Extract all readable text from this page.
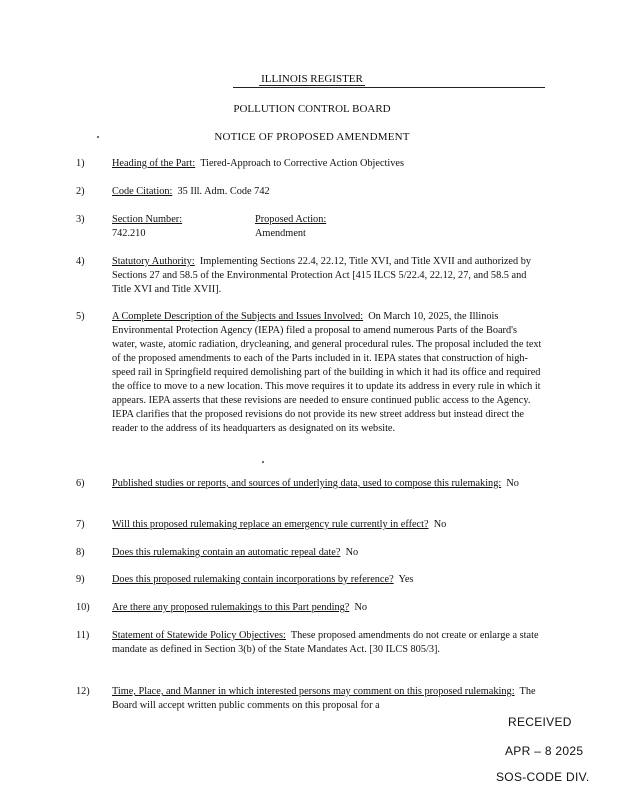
ILLINOIS REGISTER
POLLUTION CONTROL BOARD
NOTICE OF PROPOSED AMENDMENT
1)	Heading of the Part: Tiered-Approach to Corrective Action Objectives
2)	Code Citation: 35 Ill. Adm. Code 742
3)	Section Number:
742.210
Proposed Action:
Amendment
4)	Statutory Authority: Implementing Sections 22.4, 22.12, Title XVI, and Title XVII and authorized by Sections 27 and 58.5 of the Environmental Protection Act [415 ILCS 5/22.4, 22.12, 27, and 58.5 and Title XVI and Title XVII].
5)	A Complete Description of the Subjects and Issues Involved: On March 10, 2025, the Illinois Environmental Protection Agency (IEPA) filed a proposal to amend numerous Parts of the Board's water, waste, atomic radiation, drycleaning, and general procedural rules. The proposal included the text of the proposed amendments to each of the Parts included in it. IEPA states that construction of high-speed rail in Springfield required demolishing part of the building in which it had its office and required the office to move to a new location. This move requires it to update its address in every rule in which it appears. IEPA asserts that these revisions are needed to ensure continued public access to the Agency. IEPA clarifies that the proposed revisions do not provide its new street address but instead direct the reader to the address of its headquarters as designated on its website.
6)	Published studies or reports, and sources of underlying data, used to compose this rulemaking: No
7)	Will this proposed rulemaking replace an emergency rule currently in effect? No
8)	Does this rulemaking contain an automatic repeal date? No
9)	Does this proposed rulemaking contain incorporations by reference? Yes
10) Are there any proposed rulemakings to this Part pending? No
11) Statement of Statewide Policy Objectives: These proposed amendments do not create or enlarge a state mandate as defined in Section 3(b) of the State Mandates Act. [30 ILCS 805/3].
12) Time, Place, and Manner in which interested persons may comment on this proposed rulemaking: The Board will accept written public comments on this proposal for a
RECEIVED
APR – 8 2025
SOS-CODE DIV.
